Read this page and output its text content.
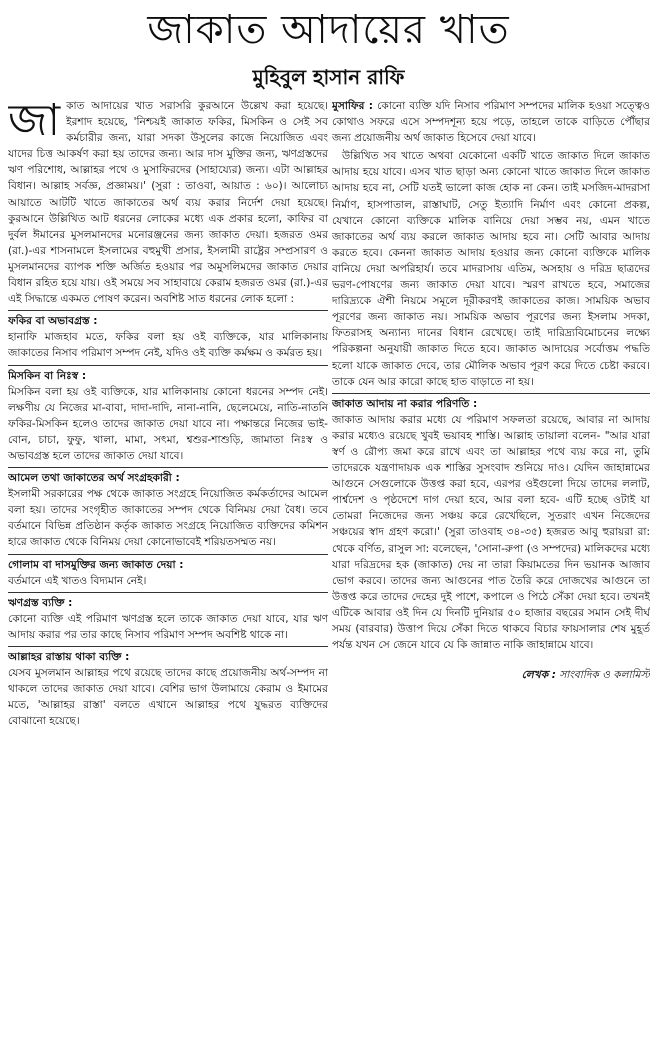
জাকাত আদায়ের খাত
মুহিবুল হাসান রাফি

জাকাত আদায়ের খাত সরাসরি কুরআনে উল্লেখ করা হয়েছে। ইরশাদ হয়েছে, 'নিশ্চয়ই জাকাত ফকির, মিসকিন ও সেই সব কর্মচারীর জন্য, যারা সদকা উসুলের কাজে নিয়োজিত এবং যাদের চিত্ত আকর্ষণ করা হয় তাদের জন্য। আর দাস মুক্তির জন্য, ঋণগ্রস্তদের ঋণ পরিশোধ, আল্লাহর পথে ও মুসাফিরদের (সাহায্যের) জন্য। এটা আল্লাহর বিধান। আল্লাহ সর্বজ্ঞ, প্রজ্ঞাময়।' (সুরা : তাওবা, আয়াত : ৬০)। আলোচ্য আয়াতে আটটি খাতে জাকাতের অর্থ ব্যয় করার নির্দেশ দেয়া হয়েছে। কুরআনে উল্লিখিত আট ধরনের লোকের মধ্যে এক প্রকার হলো, কাফির বা দুর্বল ঈমানের মুসলমানদের মনোরঞ্জনের জন্য জাকাত দেয়া। হজরত ওমর (রা.)-এর শাসনামলে ইসলামের বহুমুখী প্রসার, ইসলামী রাষ্ট্রের সম্প্রসারণ ও মুসলমানদের ব্যাপক শক্তি অর্জিত হওয়ার পর অমুসলিমদের জাকাত দেয়ার বিধান রহিত হয়ে যায়। ওই সময়ে সব সাহাবায়ে কেরাম হজরত ওমর (রা.)-এর এই সিদ্ধান্তে একমত পোষণ করেন। অবশিষ্ট সাত ধরনের লোক হলো :

ফকির বা অভাবগ্রস্ত :
হানাফি মাজহাব মতে, ফকির বলা হয় ওই ব্যক্তিকে, যার মালিকানায় জাকাতের নিসাব পরিমাণ সম্পদ নেই, যদিও ওই ব্যক্তি কর্মক্ষম ও কর্মরত হয়।

মিসকিন বা নিঃস্ব :
মিসকিন বলা হয় ওই ব্যক্তিকে, যার মালিকানায় কোনো ধরনের সম্পদ নেই। লক্ষণীয় যে নিজের মা-বাবা, দাদা-দাদি, নানা-নানি, ছেলেমেয়ে, নাতি-নাতনি ফকির-মিসকিন হলেও তাদের জাকাত দেয়া যাবে না। পক্ষান্তরে নিজের ভাই-বোন, চাচা, ফুফু, খালা, মামা, সৎমা, শ্বশুর-শাশুড়ি, জামাতা নিঃস্ব ও অভাবগ্রস্ত হলে তাদের জাকাত দেয়া যাবে।

আমেল তথা জাকাতের অর্থ সংগ্রহকারী :
ইসলামী সরকারের পক্ষ থেকে জাকাত সংগ্রহে নিয়োজিত কর্মকর্তাদের আমেল বলা হয়। তাদের সংগৃহীত জাকাতের সম্পদ থেকে বিনিময় দেয়া বৈধ। তবে বর্তমানে বিভিন্ন প্রতিষ্ঠান কর্তৃক জাকাত সংগ্রহে নিয়োজিত ব্যক্তিদের কমিশন হারে জাকাত থেকে বিনিময় দেয়া কোনোভাবেই শরিয়তসম্মত নয়।

গোলাম বা দাসমুক্তির জন্য জাকাত দেয়া :
বর্তমানে এই খাতও বিদ্যমান নেই।

ঋণগ্রস্ত ব্যক্তি :
কোনো ব্যক্তি এই পরিমাণ ঋণগ্রস্ত হলে তাকে জাকাত দেয়া যাবে, যার ঋণ আদায় করার পর তার কাছে নিসাব পরিমাণ সম্পদ অবশিষ্ট থাকে না।

আল্লাহর রাস্তায় থাকা ব্যক্তি :
যেসব মুসলমান আল্লাহর পথে রয়েছে তাদের কাছে প্রয়োজনীয় অর্থ-সম্পদ না থাকলে তাদের জাকাত দেয়া যাবে। বেশির ভাগ উলামায়ে কেরাম ও ইমামের মতে, 'আল্লাহর রাস্তা' বলতে এখানে আল্লাহর পথে যুদ্ধরত ব্যক্তিদের বোঝানো হয়েছে।

মুসাফির : কোনো ব্যক্তি যদি নিসাব পরিমাণ সম্পদের মালিক হওয়া সত্ত্বেও কোথাও সফরে এসে সম্পদশূন্য হয়ে পড়ে, তাহলে তাকে বাড়িতে পৌঁছার জন্য প্রয়োজনীয় অর্থ জাকাত হিসেবে দেয়া যাবে।

উল্লিখিত সব খাতে অথবা যেকোনো একটি খাতে জাকাত দিলে জাকাত আদায় হয়ে যাবে। এসব খাত ছাড়া অন্য কোনো খাতে জাকাত দিলে জাকাত আদায় হবে না, সেটি যতই ভালো কাজ হোক না কেন। তাই মসজিদ-মাদরাসা নির্মাণ, হাসপাতাল, রাস্তাঘাট, সেতু ইত্যাদি নির্মাণ এবং কোনো প্রকল্প, যেখানে কোনো ব্যক্তিকে মালিক বানিয়ে দেয়া সম্ভব নয়, এমন খাতে জাকাতের অর্থ ব্যয় করলে জাকাত আদায় হবে না। সেটি আবার আদায় করতে হবে। কেননা জাকাত আদায় হওয়ার জন্য কোনো ব্যক্তিকে মালিক বানিয়ে দেয়া অপরিহার্য। তবে মাদরাসায় এতিম, অসহায় ও দরিদ্র ছাত্রদের ভরণ-পোষণের জন্য জাকাত দেয়া যাবে। স্মরণ রাখতে হবে, সমাজের দারিদ্র্যকে ঐশী নিয়মে সমূলে দূরীকরণই জাকাতের কাজ। সাময়িক অভাব পূরণের জন্য জাকাত নয়। সাময়িক অভাব পূরণের জন্য ইসলাম সদকা, ফিতরাসহ অন্যান্য দানের বিধান রেখেছে। তাই দারিদ্র্যবিমোচনের লক্ষ্যে পরিকল্পনা অনুযায়ী জাকাত দিতে হবে। জাকাত আদায়ের সর্বোত্তম পদ্ধতি হলো যাকে জাকাত দেবে, তার মৌলিক অভাব পূরণ করে দিতে চেষ্টা করবে। তাকে যেন আর কারো কাছে হাত বাড়াতে না হয়।

জাকাত আদায় না করার পরিণতি :
জাকাত আদায় করার মধ্যে যে পরিমাণ সফলতা রয়েছে, আবার না আদায় করার মধ্যেও রয়েছে খুবই ভয়াবহ শাস্তি। আল্লাহ তায়ালা বলেন- "আর যারা স্বর্ণ ও রৌপ্য জমা করে রাখে এবং তা আল্লাহর পথে ব্যয় করে না, তুমি তাদেরকে যন্ত্রণাদায়ক এক শাস্তির সুসংবাদ শুনিয়ে দাও। যেদিন জাহান্নামের আগুনে সেগুলোকে উত্তপ্ত করা হবে, এরপর ওইগুলো দিয়ে তাদের ললাট, পার্শ্বদেশ ও পৃষ্ঠদেশে দাগ দেয়া হবে, আর বলা হবে- এটি হচ্ছে ওটাই যা তোমরা নিজেদের জন্য সঞ্চয় করে রেখেছিলে, সুতরাং এখন নিজেদের সঞ্চয়ের স্বাদ গ্রহণ করো।' (সুরা তাওবাহ ৩৪-৩৫) হজরত আবু হুরায়রা রা: থেকে বর্ণিত, রাসুল সা: বলেছেন, 'সোনা-রুপা (ও সম্পদের) মালিকদের মধ্যে যারা দরিদ্রদের হক (জাকাত) দেয় না তারা কিয়ামতের দিন ভয়ানক আজাব ভোগ করবে। তাদের জন্য আগুনের পাত তৈরি করে দোজখের আগুনে তা উত্তপ্ত করে তাদের দেহের দুই পাশে, কপালে ও পিঠে সেঁকা দেয়া হবে। তখনই এটিকে আবার ওই দিন যে দিনটি দুনিয়ার ৫০ হাজার বছরের সমান সেই দীর্ঘ সময় (বারবার) উত্তাপ দিয়ে সেঁকা দিতে থাকবে বিচার ফায়সালার শেষ মুহূর্ত পর্যন্ত যখন সে জেনে যাবে যে কি জান্নাত নাকি জাহান্নামে যাবে।

লেখক : সাংবাদিক ও কলামিস্ট
